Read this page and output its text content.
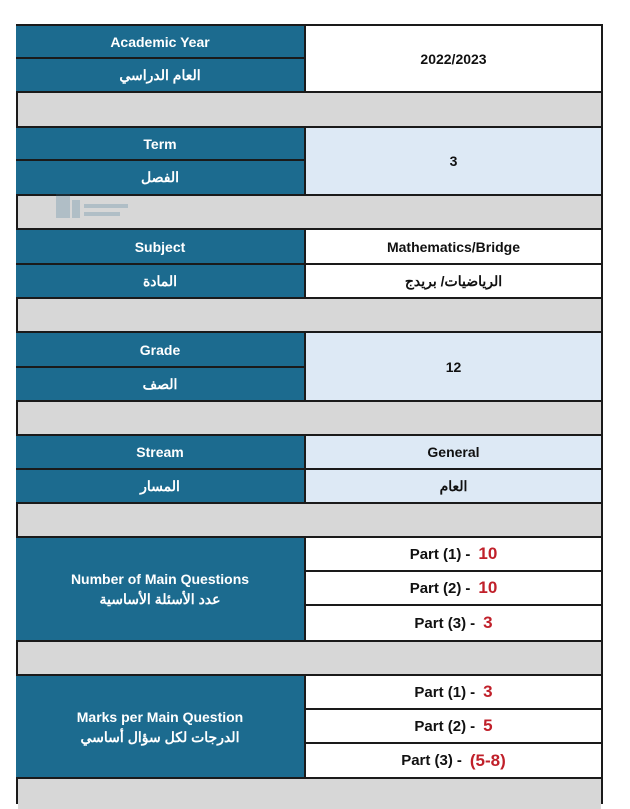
Academic Year
العام الدراسي
2022/2023
Term
الفصل
3
Subject
المادة
Mathematics/Bridge
الرياضيات/ بريدج
Grade
الصف
12
Stream
المسار
General
العام
Number of Main Questions
عدد الأسئلة الأساسية
Part (1) - 10
Part (2) - 10
Part (3) - 3
Marks per Main Question
الدرجات لكل سؤال أساسي
Part (1) - 3
Part (2) - 5
Part (3) - (5-8)
